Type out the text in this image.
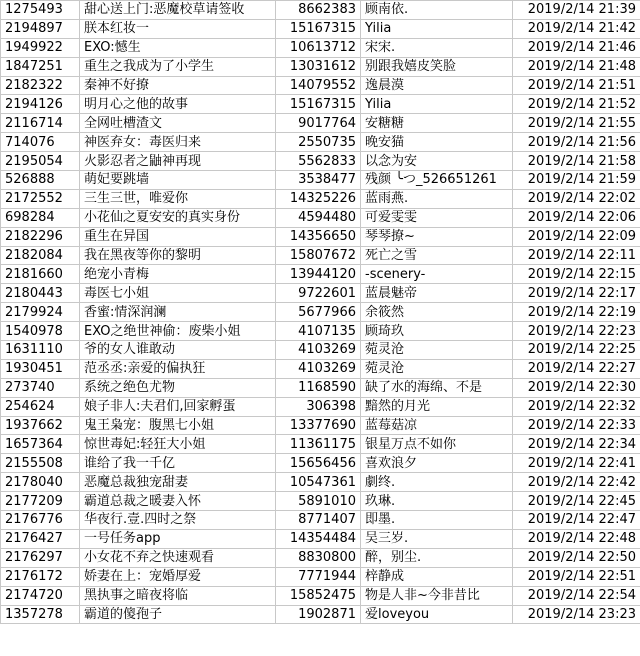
1275493	甜心送上门:恶魔校草请签收	8662383	顾南依.	2019/2/14 21:39
2194897	朕本红妆一	15167315	Yilia	2019/2/14 21:42
1949922	EXO:憾生	10613712	宋宋.	2019/2/14 21:46
1847251	重生之我成为了小学生	13031612	别跟我嬉皮笑脸	2019/2/14 21:48
2182322	秦神不好撩	14079552	逸晨漠	2019/2/14 21:51
2194126	明月心之他的故事	15167315	Yilia	2019/2/14 21:52
2116714	全网吐槽渣文	9017764	安糖糖	2019/2/14 21:55
714076	神医弃女：毒医归来	2550735	晚安猫	2019/2/14 21:56
2195054	火影忍者之鼬神再现	5562833	以念为安	2019/2/14 21:58
526888	萌妃要跳墙	3538477	残颜 ╰つ_526651261	2019/2/14 21:59
2172552	三生三世，唯爱你	14325226	蓝雨燕.	2019/2/14 22:02
698284	小花仙之夏安安的真实身份	4594480	可爱雯雯	2019/2/14 22:06
2182296	重生在异国	14356650	琴琴撩~	2019/2/14 22:09
2182084	我在黑夜等你的黎明	15807672	死亡之雪	2019/2/14 22:11
2181660	绝宠小青梅	13944120	-scenery-	2019/2/14 22:15
2180443	毒医七小姐	9722601	蓝晨魅帝	2019/2/14 22:17
2179924	香蜜:情深润澜	5677966	余筱然	2019/2/14 22:19
1540978	EXO之绝世神偷：废柴小姐	4107135	顾琦玖	2019/2/14 22:23
1631110	爷的女人谁敢动	4103269	菀灵沧	2019/2/14 22:25
1930451	范丞丞:亲爱的偏执狂	4103269	菀灵沧	2019/2/14 22:27
273740	系统之绝色尤物	1168590	缺了水的海绵、不是	2019/2/14 22:30
254624	娘子非人:夫君们,回家孵蛋	306398	黯然的月光	2019/2/14 22:32
1937662	鬼王枭宠：腹黑七小姐	13377690	蓝莓菇凉	2019/2/14 22:33
1657364	惊世毒妃:轻狂大小姐	11361175	银星万点不如你	2019/2/14 22:34
2155508	谁给了我一千亿	15656456	喜欢浪夕	2019/2/14 22:41
2178040	恶魔总裁独宠甜妻	10547361	劇终.	2019/2/14 22:42
2177209	霸道总裁之暖妻入怀	5891010	玖琳.	2019/2/14 22:45
2176776	华夜行.壹.四时之祭	8771407	即墨.	2019/2/14 22:47
2176427	一号任务app	14354484	吴三岁.	2019/2/14 22:48
2176297	小女花不弃之快速观看	8830800	醉，别尘.	2019/2/14 22:50
2176172	娇妻在上：宠婚厚爱	7771944	梓静成	2019/2/14 22:51
2174720	黑执事之暗夜将临	15852475	物是人非~今非昔比	2019/2/14 22:54
1357278	霸道的傻孢子	1902871	爱loveyou	2019/2/14 23:23
